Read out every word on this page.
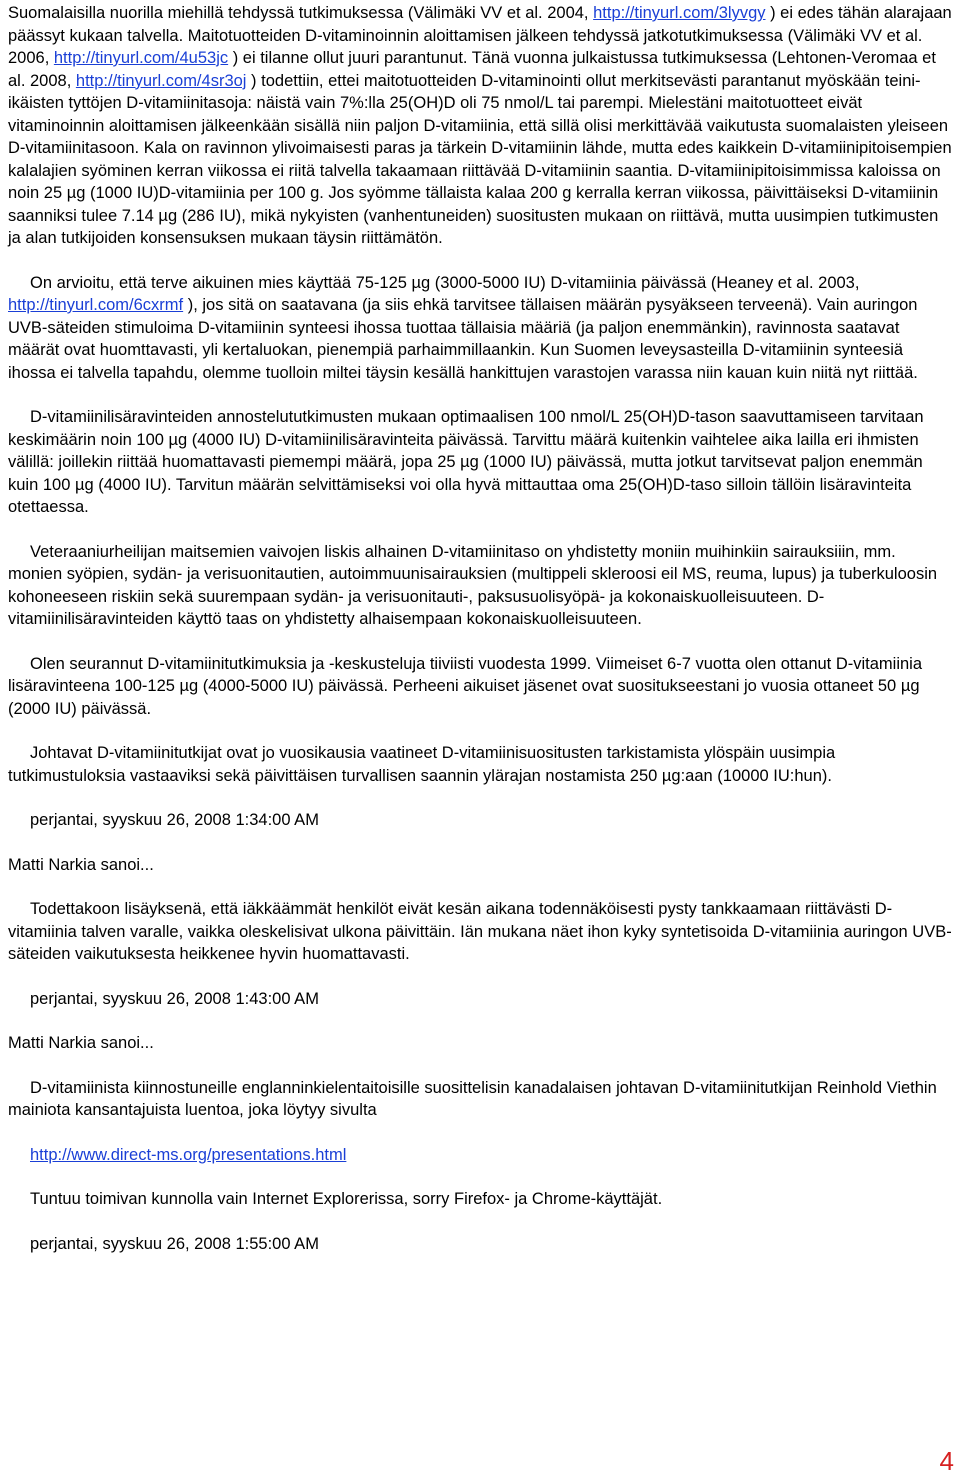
Suomalaisilla nuorilla miehillä tehdyssä tutkimuksessa (Välimäki VV et al. 2004, http://tinyurl.com/3lyvgy ) ei edes tähän alarajaan päässyt kukaan talvella. Maitotuotteiden D-vitaminoinnin aloittamisen jälkeen tehdyssä jatkotutkimuksessa (Välimäki VV et al. 2006, http://tinyurl.com/4u53jc ) ei tilanne ollut juuri parantunut. Tänä vuonna julkaistussa tutkimuksessa (Lehtonen-Veromaa et al. 2008, http://tinyurl.com/4sr3oj ) todettiin, ettei maitotuotteiden D-vitaminointi ollut merkitsevästi parantanut myöskään teini-ikäisten tyttöjen D-vitamiinitasoja: näistä vain 7%:lla 25(OH)D oli 75 nmol/L tai parempi. Mielestäni maitotuotteet eivät vitaminoinnin aloittamisen jälkeenkään sisällä niin paljon D-vitamiinia, että sillä olisi merkittävää vaikutusta suomalaisten yleiseen D-vitamiinitasoon. Kala on ravinnon ylivoimaisesti paras ja tärkein D-vitamiinin lähde, mutta edes kaikkein D-vitamiinipitoisempien kalalajien syöminen kerran viikossa ei riitä talvella takaamaan riittävää D-vitamiinin saantia. D-vitamiinipitoisimmissa kaloissa on noin 25 µg (1000 IU)D-vitamiinia per 100 g. Jos syömme tällaista kalaa 200 g kerralla kerran viikossa, päivittäiseksi D-vitamiinin saanniksi tulee 7.14 µg (286 IU), mikä nykyisten (vanhentuneiden) suositusten mukaan on riittävä, mutta uusimpien tutkimusten ja alan tutkijoiden konsensuksen mukaan täysin riittämätön.

On arvioitu, että terve aikuinen mies käyttää 75-125 µg (3000-5000 IU) D-vitamiinia päivässä (Heaney et al. 2003, http://tinyurl.com/6cxrmf ), jos sitä on saatavana (ja siis ehkä tarvitsee tällaisen määrän pysyäkseen terveenä). Vain auringon UVB-säteiden stimuloima D-vitamiinin synteesi ihossa tuottaa tällaisia määriä (ja paljon enemmänkin), ravinnosta saatavat määrät ovat huomttavasti, yli kertaluokan, pienempiä parhaimmillaankin. Kun Suomen leveysasteilla D-vitamiinin synteesiä ihossa ei talvella tapahdu, olemme tuolloin miltei täysin kesällä hankittujen varastojen varassa niin kauan kuin niitä nyt riittää.

D-vitamiinilisäravinteiden annostelututkimusten mukaan optimaalisen 100 nmol/L 25(OH)D-tason saavuttamiseen tarvitaan keskimäärin noin 100 µg (4000 IU) D-vitamiinilisäravinteita päivässä. Tarvittu määrä kuitenkin vaihtelee aika lailla eri ihmisten välillä: joillekin riittää huomattavasti piemempi määrä, jopa 25 µg (1000 IU) päivässä, mutta jotkut tarvitsevat paljon enemmän kuin 100 µg (4000 IU). Tarvitun määrän selvittämiseksi voi olla hyvä mittauttaa oma 25(OH)D-taso silloin tällöin lisäravinteita otettaessa.

Veteraaniurheilijan maitsemien vaivojen liskis alhainen D-vitamiinitaso on yhdistetty moniin muihinkiin sairauksiiin, mm. monien syöpien, sydän- ja verisuonitautien, autoimmuunisairauksien (multippeli skleroosi eil MS, reuma, lupus) ja tuberkuloosin kohoneeseen riskiin sekä suurempaan sydän- ja verisuonitauti-, paksusuolisyöpä- ja kokonaiskuolleisuuteen. D-vitamiinilisäravinteiden käyttö taas on yhdistetty alhaisempaan kokonaiskuolleisuuteen.

Olen seurannut D-vitamiinitutkimuksia ja -keskusteluja tiiviisti vuodesta 1999. Viimeiset 6-7 vuotta olen ottanut D-vitamiinia lisäravinteena 100-125 µg (4000-5000 IU) päivässä. Perheeni aikuiset jäsenet ovat suositukseestani jo vuosia ottaneet 50 µg (2000 IU) päivässä.

Johtavat D-vitamiinitutkijat ovat jo vuosikausia vaatineet D-vitamiinisuositusten tarkistamista ylöspäin uusimpia tutkimustuloksia vastaaviksi sekä päivittäisen turvallisen saannin ylärajan nostamista 250 µg:aan (10000 IU:hun).

perjantai, syyskuu 26, 2008 1:34:00 AM

Matti Narkia sanoi...

Todettakoon lisäyksenä, että iäkkäämmät henkilöt eivät kesän aikana todennäköisesti pysty tankkaamaan riittävästi D-vitamiinia talven varalle, vaikka oleskelisivat ulkona päivittäin. Iän mukana näet ihon kyky syntetisoida D-vitamiinia auringon UVB-säteiden vaikutuksesta heikkenee hyvin huomattavasti.

perjantai, syyskuu 26, 2008 1:43:00 AM

Matti Narkia sanoi...

D-vitamiinista kiinnostuneille englanninkielentaitoisille suosittelisin kanadalaisen johtavan D-vitamiinitutkijan Reinhold Viethin mainiota kansantajuista luentoa, joka löytyy sivulta

http://www.direct-ms.org/presentations.html

Tuntuu toimivan kunnolla vain Internet Explorerissa, sorry Firefox- ja Chrome-käyttäjät.

perjantai, syyskuu 26, 2008 1:55:00 AM

4
